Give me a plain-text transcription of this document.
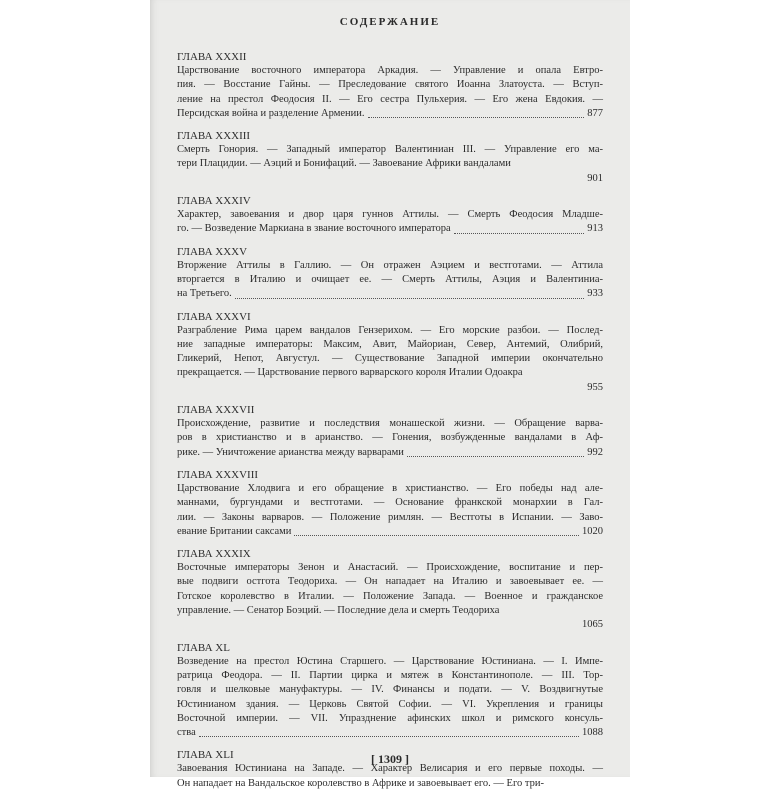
СОДЕРЖАНИЕ
ГЛАВА XXXII
Царствование восточного императора Аркадия. — Управление и опала Евтро-
пия. — Восстание Гайны. — Преследование святого Иоанна Златоуста. — Вступ-
ление на престол Феодосия II. — Его сестра Пульхерия. — Его жена Евдокия. —
Персидская война и разделение Армении.	877
ГЛАВА XXXIII
Смерть Гонория. — Западный император Валентиниан III. — Управление его ма-
тери Плацидии. — Аэций и Бонифаций. — Завоевание Африки вандалами
901
ГЛАВА XXXIV
Характер, завоевания и двор царя гуннов Аттилы. — Смерть Феодосия Младше-
го. — Возведение Маркиана в звание восточного императора	913
ГЛАВА XXXV
Вторжение Аттилы в Галлию. — Он отражен Аэцием и вестготами. — Аттила
вторгается в Италию и очищает ее. — Смерть Аттилы, Аэция и Валентиниа-
на Третьего.	933
ГЛАВА XXXVI
Разграбление Рима царем вандалов Гензерихом. — Его морские разбои. — Послед-
ние западные императоры: Максим, Авит, Майориан, Север, Антемий, Олибрий,
Гликерий, Непот, Августул. — Существование Западной империи окончательно
прекращается. — Царствование первого варварского короля Италии Одоакра
955
ГЛАВА XXXVII
Происхождение, развитие и последствия монашеской жизни. — Обращение варва-
ров в христианство и в арианство. — Гонения, возбужденные вандалами в Аф-
рике. — Уничтожение арианства между варварами	992
ГЛАВА XXXVIII
Царствование Хлодвига и его обращение в христианство. — Его победы над але-
маннами, бургундами и вестготами. — Основание франкской монархии в Гал-
лии. — Законы варваров. — Положение римлян. — Вестготы в Испании. — Заво-
евание Британии саксами	1020
ГЛАВА XXXIX
Восточные императоры Зенон и Анастасий. — Происхождение, воспитание и пер-
вые подвиги остгота Теодориха. — Он нападает на Италию и завоевывает ее. —
Готское королевство в Италии. — Положение Запада. — Военное и гражданское
управление. — Сенатор Боэций. — Последние дела и смерть Теодориха
1065
ГЛАВА XL
Возведение на престол Юстина Старшего. — Царствование Юстиниана. — I. Импе-
ратрица Феодора. — II. Партии цирка и мятеж в Константинополе. — III. Тор-
говля и шелковые мануфактуры. — IV. Финансы и подати. — V. Воздвигнутые
Юстинианом здания. — Церковь Святой Софии. — VI. Укрепления и границы
Восточной империи. — VII. Упразднение афинских школ и римского консуль-
ства	1088
ГЛАВА XLI
Завоевания Юстиниана на Западе. — Характер Велисария и его первые походы. —
Он нападает на Вандальское королевство в Африке и завоевывает его. — Его три-
[ 1309 ]
